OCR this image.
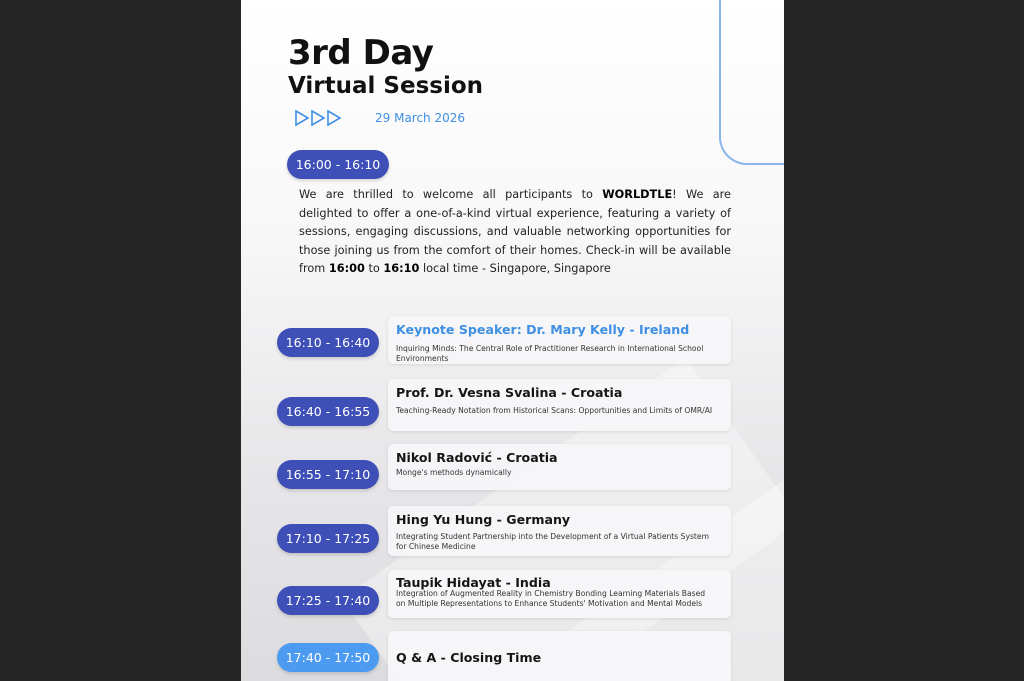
3rd Day
Virtual Session
29 March 2026
16:00 - 16:10

We are thrilled to welcome all participants to WORLDTLE! We are delighted to offer a one-of-a-kind virtual experience, featuring a variety of sessions, engaging discussions, and valuable networking opportunities for those joining us from the comfort of their homes. Check-in will be available from 16:00 to 16:10 local time - Singapore, Singapore

16:10 - 16:40
Keynote Speaker: Dr. Mary Kelly - Ireland
Inquiring Minds: The Central Role of Practitioner Research in International School Environments
16:40 - 16:55
Prof. Dr. Vesna Svalina - Croatia
Teaching-Ready Notation from Historical Scans: Opportunities and Limits of OMR/AI
16:55 - 17:10
Nikol Radović - Croatia
Monge's methods dynamically
17:10 - 17:25
Hing Yu Hung - Germany
Integrating Student Partnership into the Development of a Virtual Patients System for Chinese Medicine
17:25 - 17:40
Taupik Hidayat - India
Integration of Augmented Reality in Chemistry Bonding Learning Materials Based on Multiple Representations to Enhance Students' Motivation and Mental Models
17:40 - 17:50	Q & A - Closing Time
